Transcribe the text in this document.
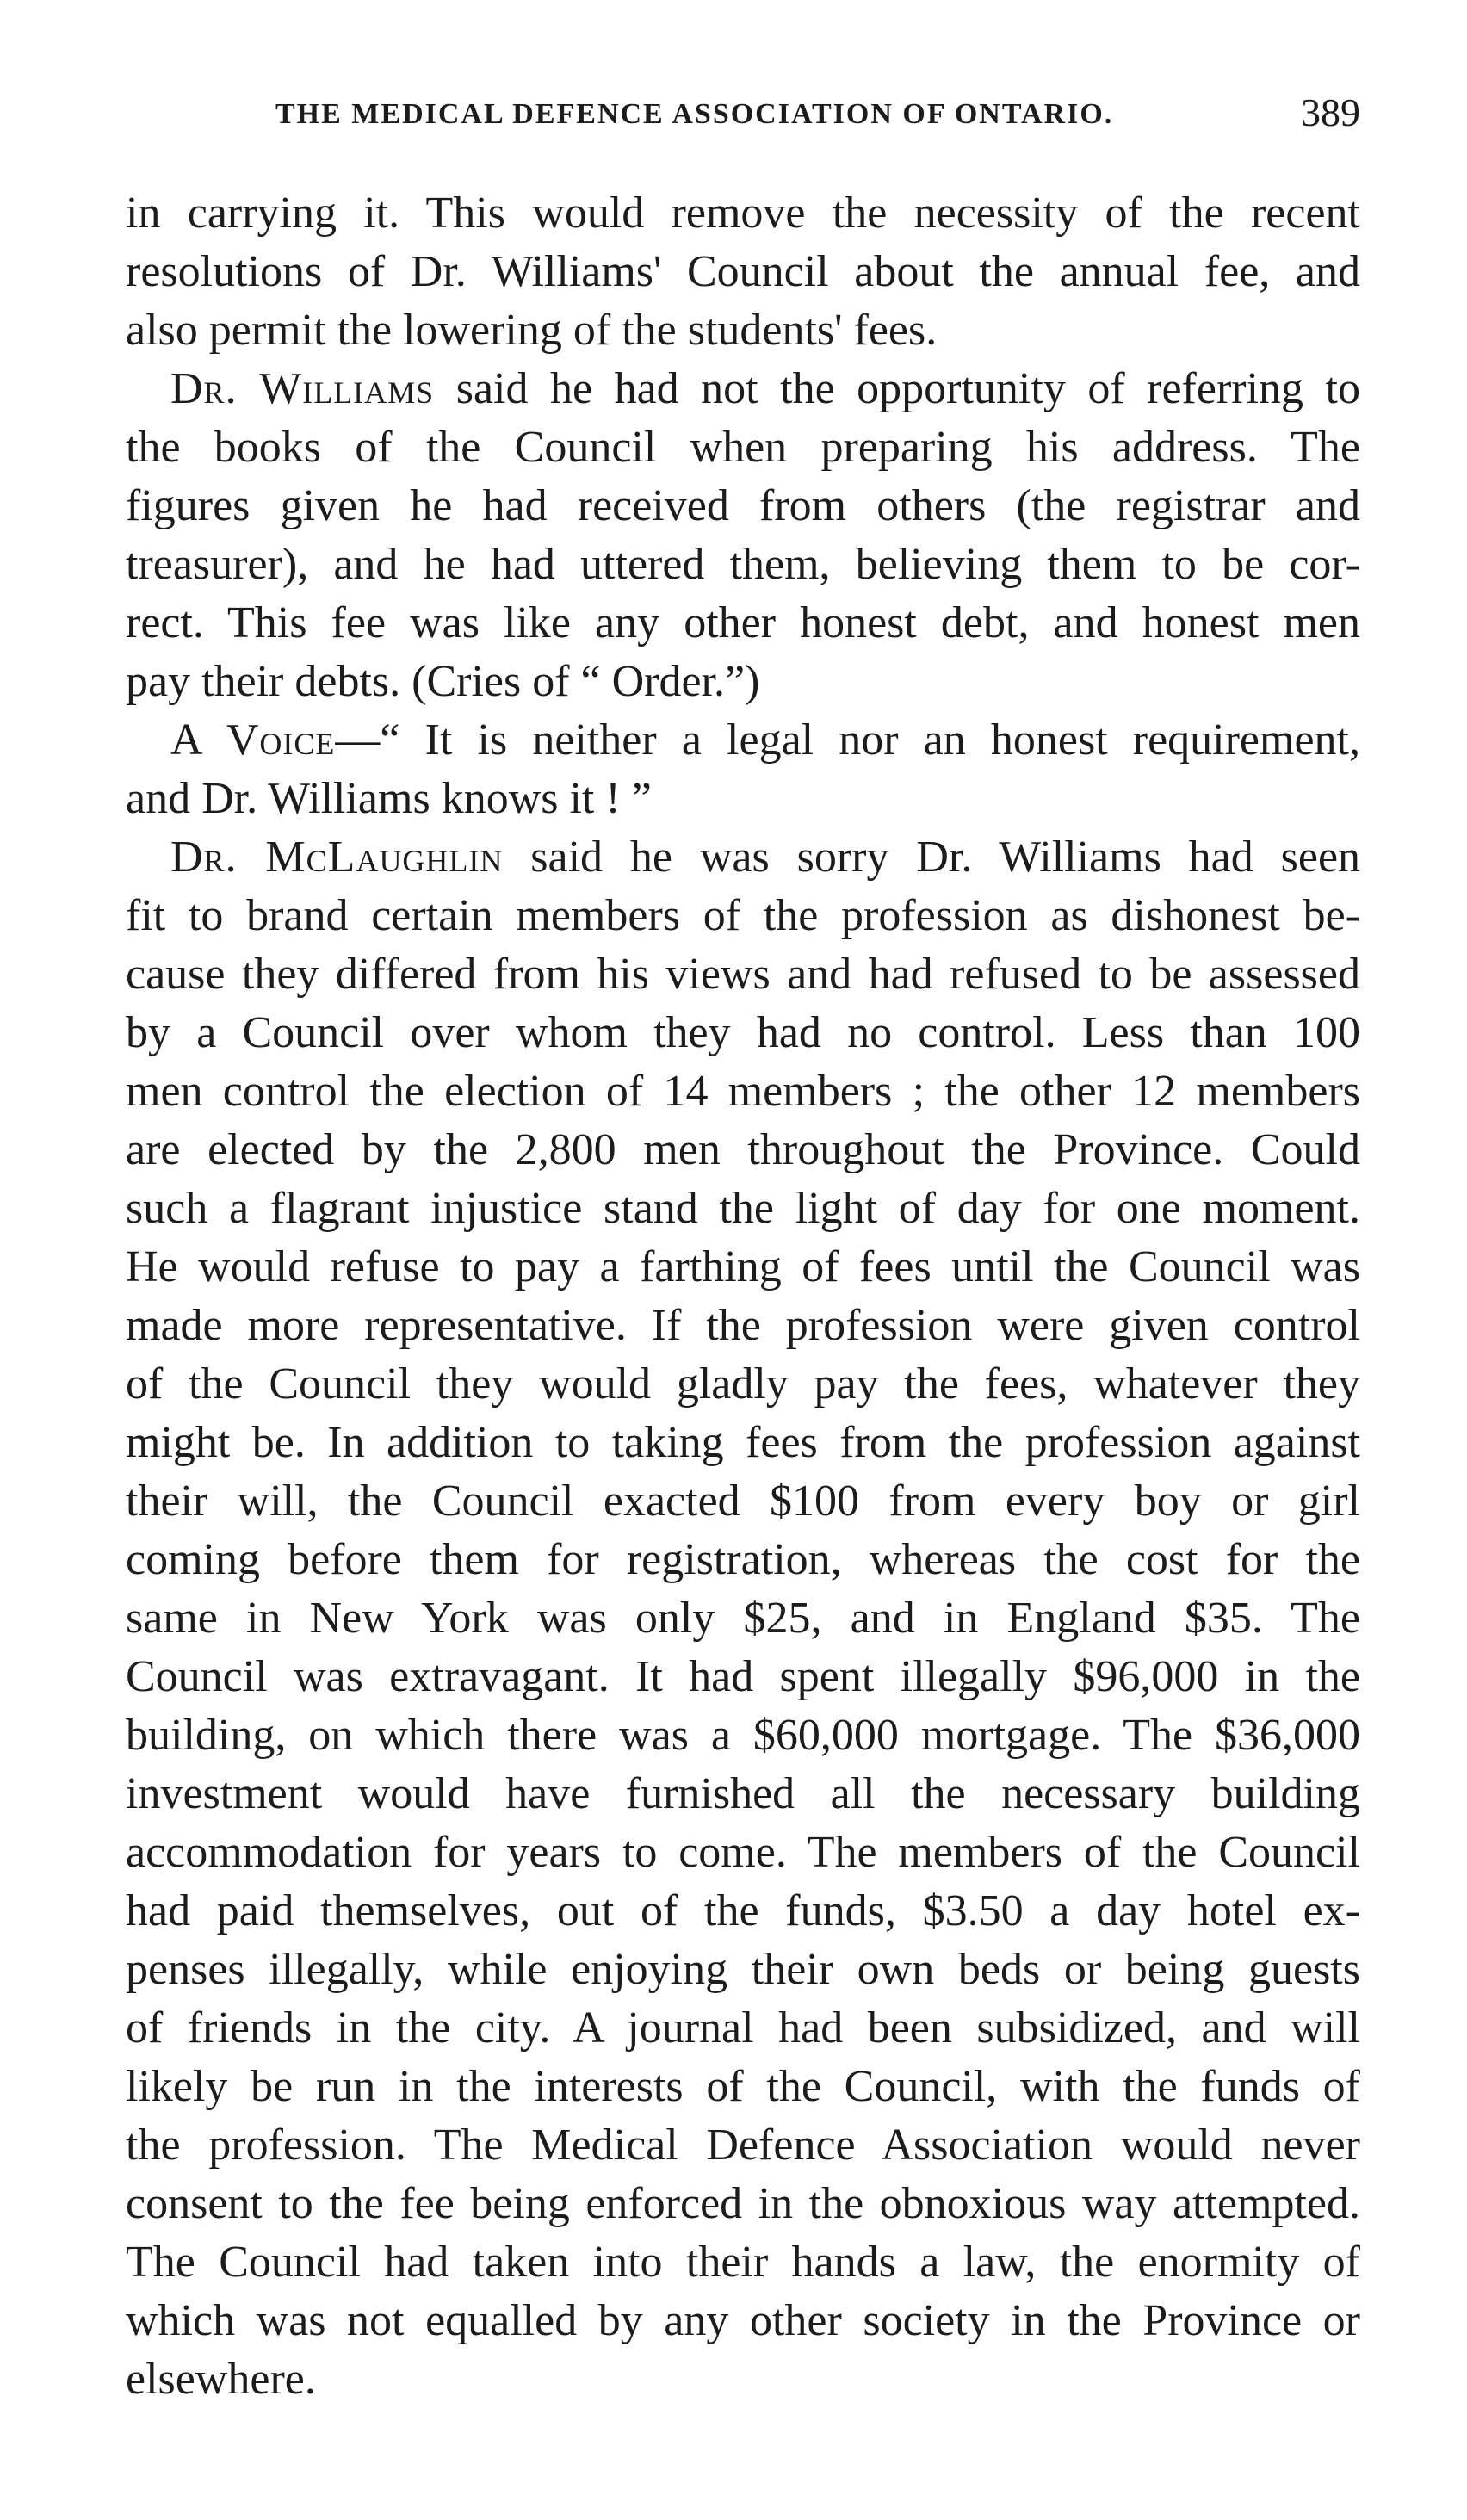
THE MEDICAL DEFENCE ASSOCIATION OF ONTARIO.	389
in carrying it. This would remove the necessity of the recent
resolutions of Dr. Williams' Council about the annual fee, and
also permit the lowering of the students' fees.
Dr. Williams said he had not the opportunity of referring to
the books of the Council when preparing his address. The
figures given he had received from others (the registrar and
treasurer), and he had uttered them, believing them to be cor-
rect. This fee was like any other honest debt, and honest men
pay their debts. (Cries of “ Order.”)
A Voice—“ It is neither a legal nor an honest requirement,
and Dr. Williams knows it ! ”
Dr. McLaughlin said he was sorry Dr. Williams had seen
fit to brand certain members of the profession as dishonest be-
cause they differed from his views and had refused to be assessed
by a Council over whom they had no control. Less than 100
men control the election of 14 members ; the other 12 members
are elected by the 2,800 men throughout the Province. Could
such a flagrant injustice stand the light of day for one moment.
He would refuse to pay a farthing of fees until the Council was
made more representative. If the profession were given control
of the Council they would gladly pay the fees, whatever they
might be. In addition to taking fees from the profession against
their will, the Council exacted $100 from every boy or girl
coming before them for registration, whereas the cost for the
same in New York was only $25, and in England $35. The
Council was extravagant. It had spent illegally $96,000 in the
building, on which there was a $60,000 mortgage. The $36,000
investment would have furnished all the necessary building
accommodation for years to come. The members of the Council
had paid themselves, out of the funds, $3.50 a day hotel ex-
penses illegally, while enjoying their own beds or being guests
of friends in the city. A journal had been subsidized, and will
likely be run in the interests of the Council, with the funds of
the profession. The Medical Defence Association would never
consent to the fee being enforced in the obnoxious way attempted.
The Council had taken into their hands a law, the enormity of
which was not equalled by any other society in the Province or
elsewhere.
